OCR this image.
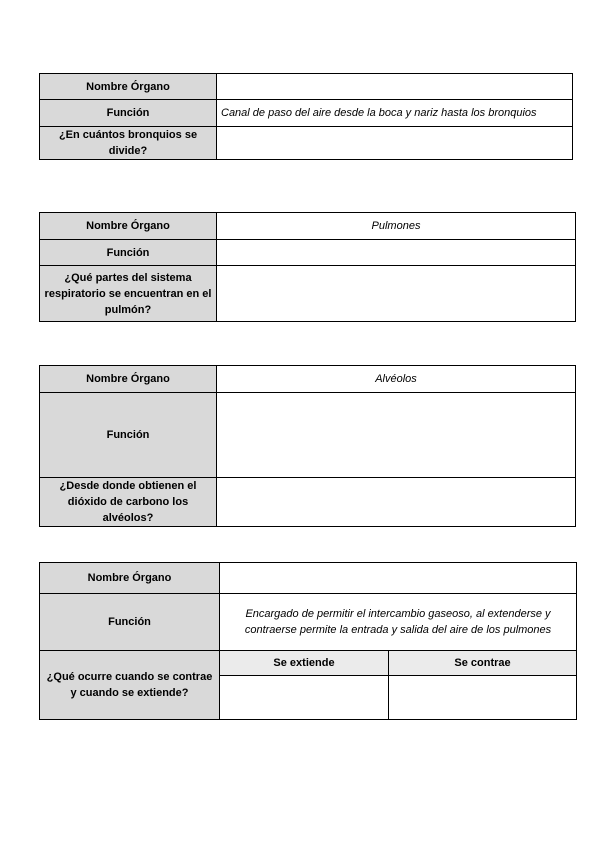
Nombre Órgano	
Función	Canal de paso del aire desde la boca y nariz hasta los bronquios
¿En cuántos bronquios se divide?	
Nombre Órgano	Pulmones
Función	
¿Qué partes del sistema respiratorio se encuentran en el pulmón?	
Nombre Órgano	Alvéolos
Función	
¿Desde donde obtienen el dióxido de carbono los alvéolos?	
Nombre Órgano		
Función	Encargado de permitir el intercambio gaseoso, al extenderse y contraerse permite la entrada y salida del aire de los pulmones	
¿Qué ocurre cuando se contrae y cuando se extiende?	Se extiende	Se contrae
